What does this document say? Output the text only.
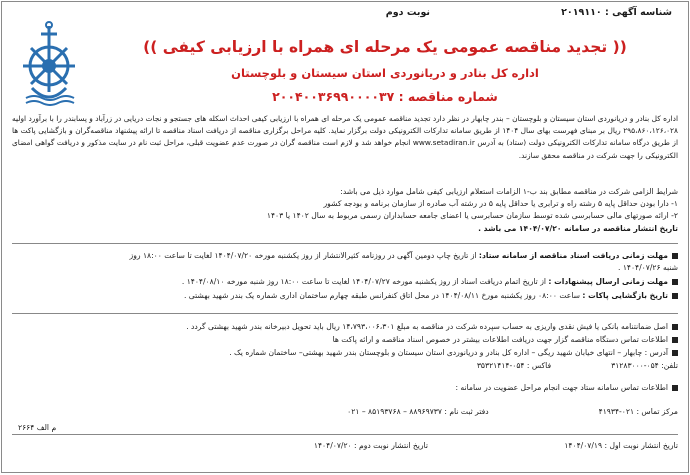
شناسه آگهی : ۲۰۱۹۱۱۰
نوبت دوم
(( تجدید مناقصه عمومی یک مرحله ای همراه با ارزیابی کیفی ))
اداره کل بنادر و دریانوردی استان سیستان و بلوچستان
شماره مناقصه : ۲۰۰۴۰۰۳۶۹۹۰۰۰۰۳۷
اداره کل بنادر و دریانوردی استان سیستان و بلوچستان – بندر چابهار در نظر دارد تجدید مناقصه عمومی یک مرحله ای همراه با ارزیابی کیفی احداث اسکله های جستجو و نجات دریایی در زرآباد و پسابندر را با برآورد اولیه ۲۹۵،۸۶۰،۱۲۶،۰۲۸ ریال بر مبنای فهرست بهای سال ۱۴۰۴ از طریق سامانه تدارکات الکترونیکی دولت برگزار نماید. کلیه مراحل برگزاری مناقصه از دریافت اسناد مناقصه تا ارائه پیشنهاد مناقصه‌گران و بازگشایی پاکت ها از طریق درگاه سامانه تدارکات الکترونیکی دولت (ستاد) به آدرس www.setadiran.ir انجام خواهد شد و لازم است مناقصه گران در صورت عدم عضویت قبلی، مراحل ثبت نام در سایت مذکور و دریافت گواهی امضای الکترونیکی را جهت شرکت در مناقصه محقق سازند.
شرایط الزامی شرکت در مناقصه مطابق بند ب-۱ الزامات استعلام ارزیابی کیفی شامل موارد ذیل می باشد:
۱- دارا بودن حداقل پایه ۵ رشته راه و ترابری یا حداقل پایه ۵ در رشته آب صادره از سازمان برنامه و بودجه کشور
۲- ارائه صورتهای مالی حسابرسی شده توسط سازمان حسابرسی یا اعضای جامعه حسابداران رسمی مربوط به سال ۱۴۰۲ یا ۱۴۰۳
تاریخ انتشار مناقصه در سامانه ۱۴۰۴/۰۷/۲۰ می باشد .
مهلت زمانی دریافت اسناد مناقصه از سامانه ستاد: از تاریخ چاپ دومین آگهی در روزنامه کثیرالانتشار از روز یکشنبه مورخه ۱۴۰۴/۰۷/۲۰ لغایت تا ساعت ۱۸:۰۰ روز
شنبه ۱۴۰۴/۰۷/۲۶ .
مهلت زمانی ارسال پیشنهادات : از تاریخ اتمام دریافت اسناد از روز یکشنبه مورخه ۱۴۰۴/۰۷/۲۷ لغایت تا ساعت ۱۸:۰۰ روز شنبه مورخه ۱۴۰۴/۰۸/۱۰ .
تاریخ بازگشایی پاکات : ساعت ۰۸:۰۰ روز یکشنبه مورخ ۱۴۰۴/۰۸/۱۱ در محل اتاق کنفرانس طبقه چهارم ساختمان اداری شماره یک بندر شهید بهشتی .
اصل ضمانتنامه بانکی یا فیش نقدی واریزی به حساب سپرده شرکت در مناقصه به مبلغ ۱۴،۷۹۳،۰۰۶،۳۰۱ ریال باید تحویل دبیرخانه بندر شهید بهشتی گردد .
اطلاعات تماس دستگاه مناقصه گزار جهت دریافت اطلاعات بیشتر در خصوص اسناد مناقصه و ارائه پاکت ها
آدرس : چابهار – انتهای خیابان شهید ریگی – اداره کل بنادر و دریانوردی استان سیستان و بلوچستان بندر شهید بهشتی– ساختمان شماره یک .
تلفن: ۰۵۴-۳۱۲۸۳۰۰۰فاکس : ۰۵۴-۳۵۳۲۱۴۱۴
اطلاعات تماس سامانه ستاد جهت انجام مراحل عضویت در سامانه :
مرکز تماس : ۰۲۱-۴۱۹۳۴دفتر ثبت نام : ۸۸۹۶۹۷۳۷ – ۸۵۱۹۳۷۶۸ – ۰۲۱
م الف ۲۶۶۴
تاریخ انتشار نوبت اول : ۱۴۰۴/۰۷/۱۹
تاریخ انتشار نوبت دوم : ۱۴۰۴/۰۷/۲۰
